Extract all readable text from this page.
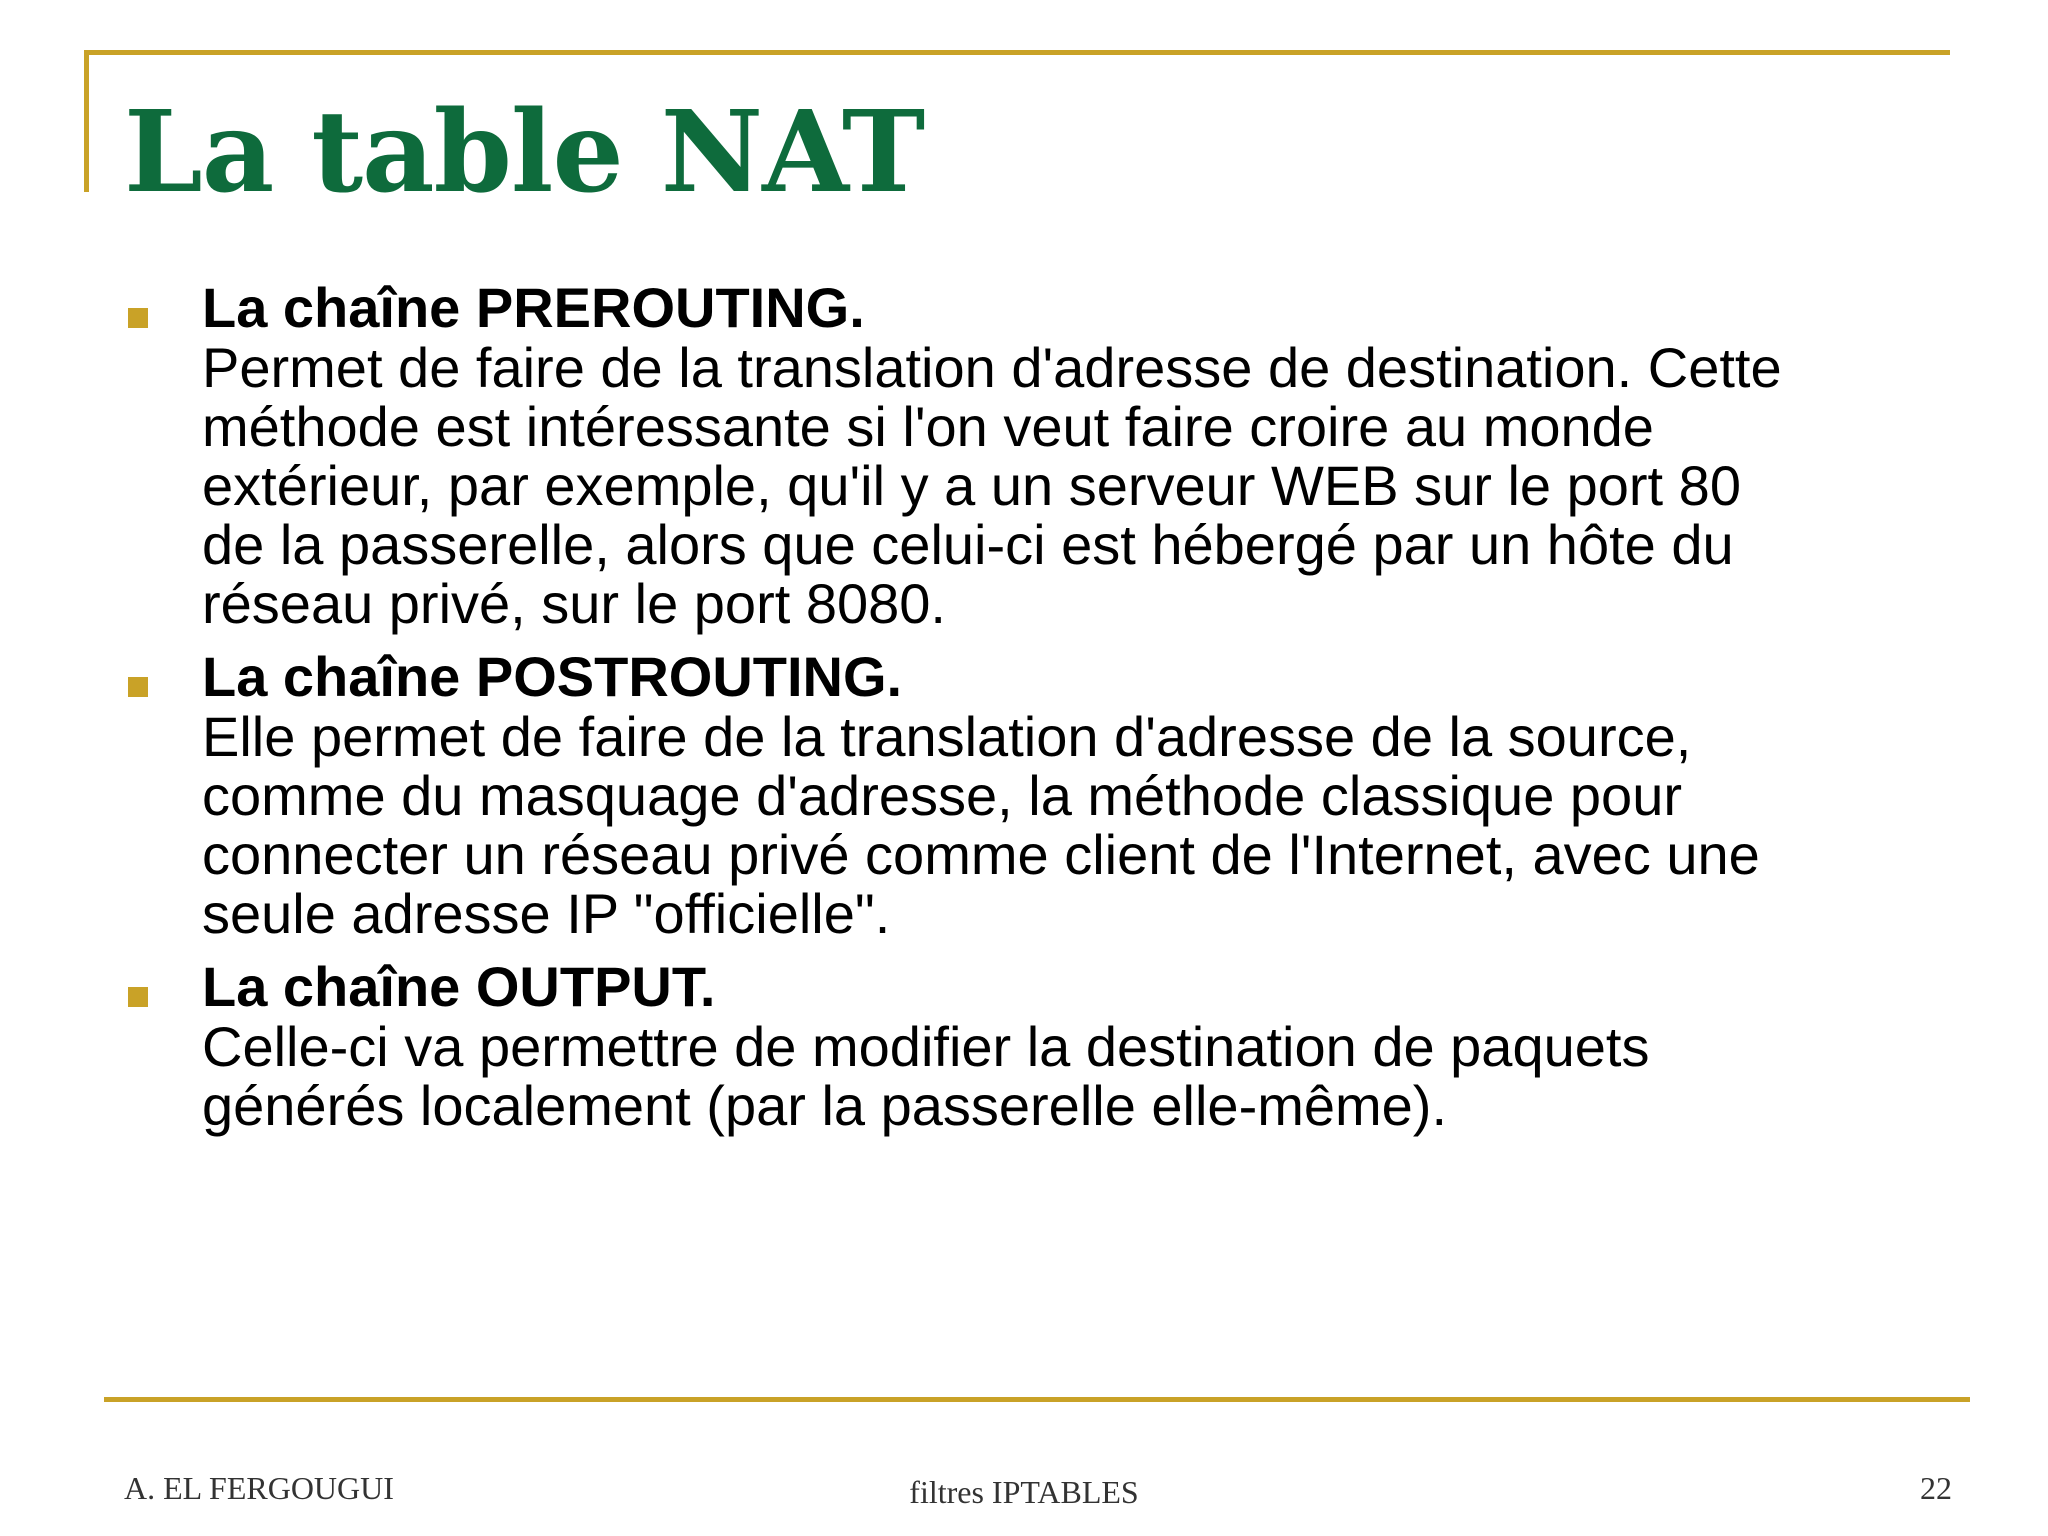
La table NAT
La chaîne PREROUTING.
Permet de faire de la translation d'adresse de destination. Cette
méthode est intéressante si l'on veut faire croire au monde
extérieur, par exemple, qu'il y a un serveur WEB sur le port 80
de la passerelle, alors que celui-ci est hébergé par un hôte du
réseau privé, sur le port 8080.
La chaîne POSTROUTING.
Elle permet de faire de la translation d'adresse de la source,
comme du masquage d'adresse, la méthode classique pour
connecter un réseau privé comme client de l'Internet, avec une
seule adresse IP "officielle".
La chaîne OUTPUT.
Celle-ci va permettre de modifier la destination de paquets
générés localement (par la passerelle elle-même).
A. EL FERGOUGUI	filtres IPTABLES	22
